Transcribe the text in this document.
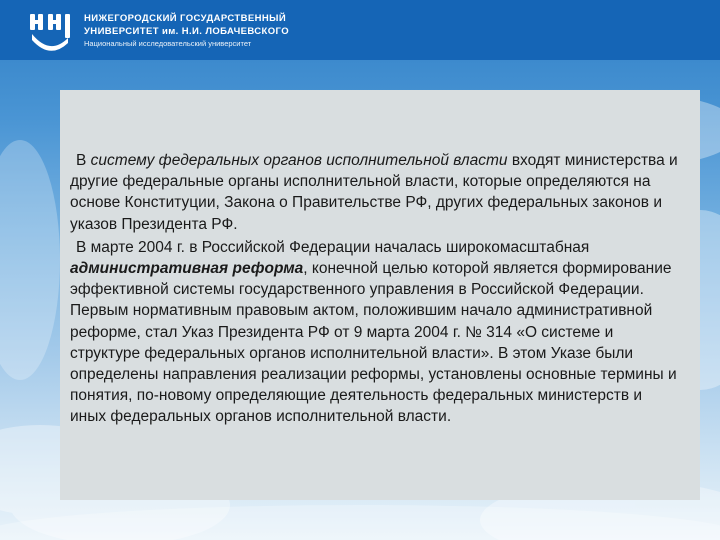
НИЖЕГОРОДСКИЙ ГОСУДАРСТВЕННЫЙ
УНИВЕРСИТЕТ им. Н.И. ЛОБАЧЕВСКОГО
Национальный исследовательский университет

В систему федеральных органов исполнительной власти входят министерства и другие федеральные органы исполнительной власти, которые определяются на основе Конституции, Закона о Правительстве РФ, других федеральных законов и указов Президента РФ.

В марте 2004 г. в Российской Федерации началась широкомасштабная административная реформа, конечной целью которой является формирование эффективной системы государственного управления в Российской Федерации. Первым нормативным правовым актом, положившим начало административной реформе, стал Указ Президента РФ от 9 марта 2004 г. № 314 «О системе и структуре федеральных органов исполнительной власти». В этом Указе были определены направления реализации реформы, установлены основные термины и понятия, по-новому определяющие деятельность федеральных министерств и иных федеральных органов исполнительной власти.
